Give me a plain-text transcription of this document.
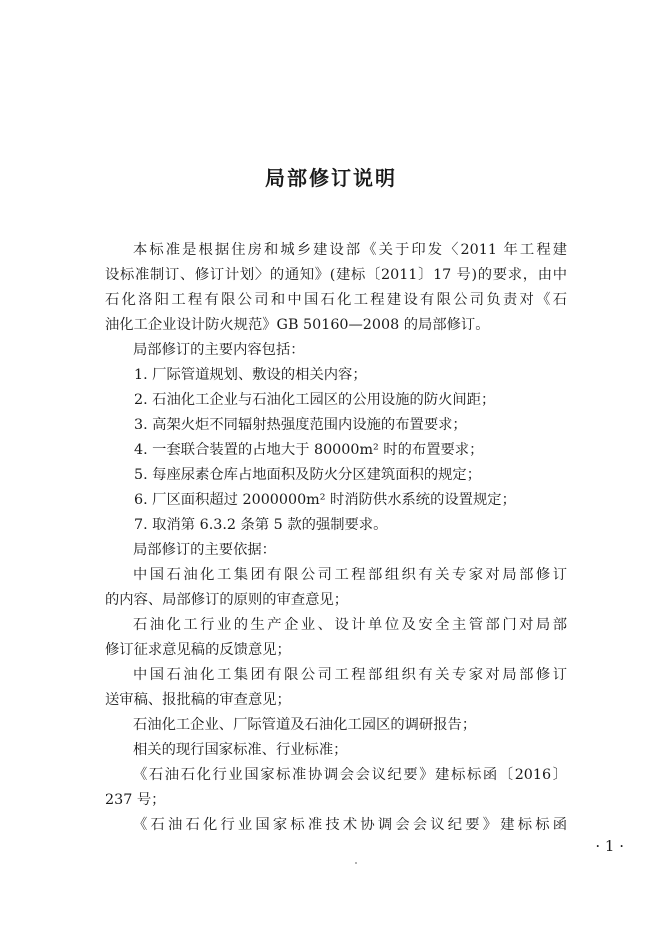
局部修订说明
本标准是根据住房和城乡建设部《关于印发〈2011 年工程建
设标准制订、修订计划〉的通知》(建标〔2011〕17 号)的要求，由中
石化洛阳工程有限公司和中国石化工程建设有限公司负责对《石
油化工企业设计防火规范》GB 50160—2008 的局部修订。
局部修订的主要内容包括：
1. 厂际管道规划、敷设的相关内容；
2. 石油化工企业与石油化工园区的公用设施的防火间距；
3. 高架火炬不同辐射热强度范围内设施的布置要求；
4. 一套联合装置的占地大于 80000m² 时的布置要求；
5. 每座尿素仓库占地面积及防火分区建筑面积的规定；
6. 厂区面积超过 2000000m² 时消防供水系统的设置规定；
7. 取消第 6.3.2 条第 5 款的强制要求。
局部修订的主要依据：
中国石油化工集团有限公司工程部组织有关专家对局部修订
的内容、局部修订的原则的审查意见；
石油化工行业的生产企业、设计单位及安全主管部门对局部
修订征求意见稿的反馈意见；
中国石油化工集团有限公司工程部组织有关专家对局部修订
送审稿、报批稿的审查意见；
石油化工企业、厂际管道及石油化工园区的调研报告；
相关的现行国家标准、行业标准；
《石油石化行业国家标准协调会会议纪要》建标标函〔2016〕
237 号；
《石油石化行业国家标准技术协调会会议纪要》建标标函
· 1 ·
